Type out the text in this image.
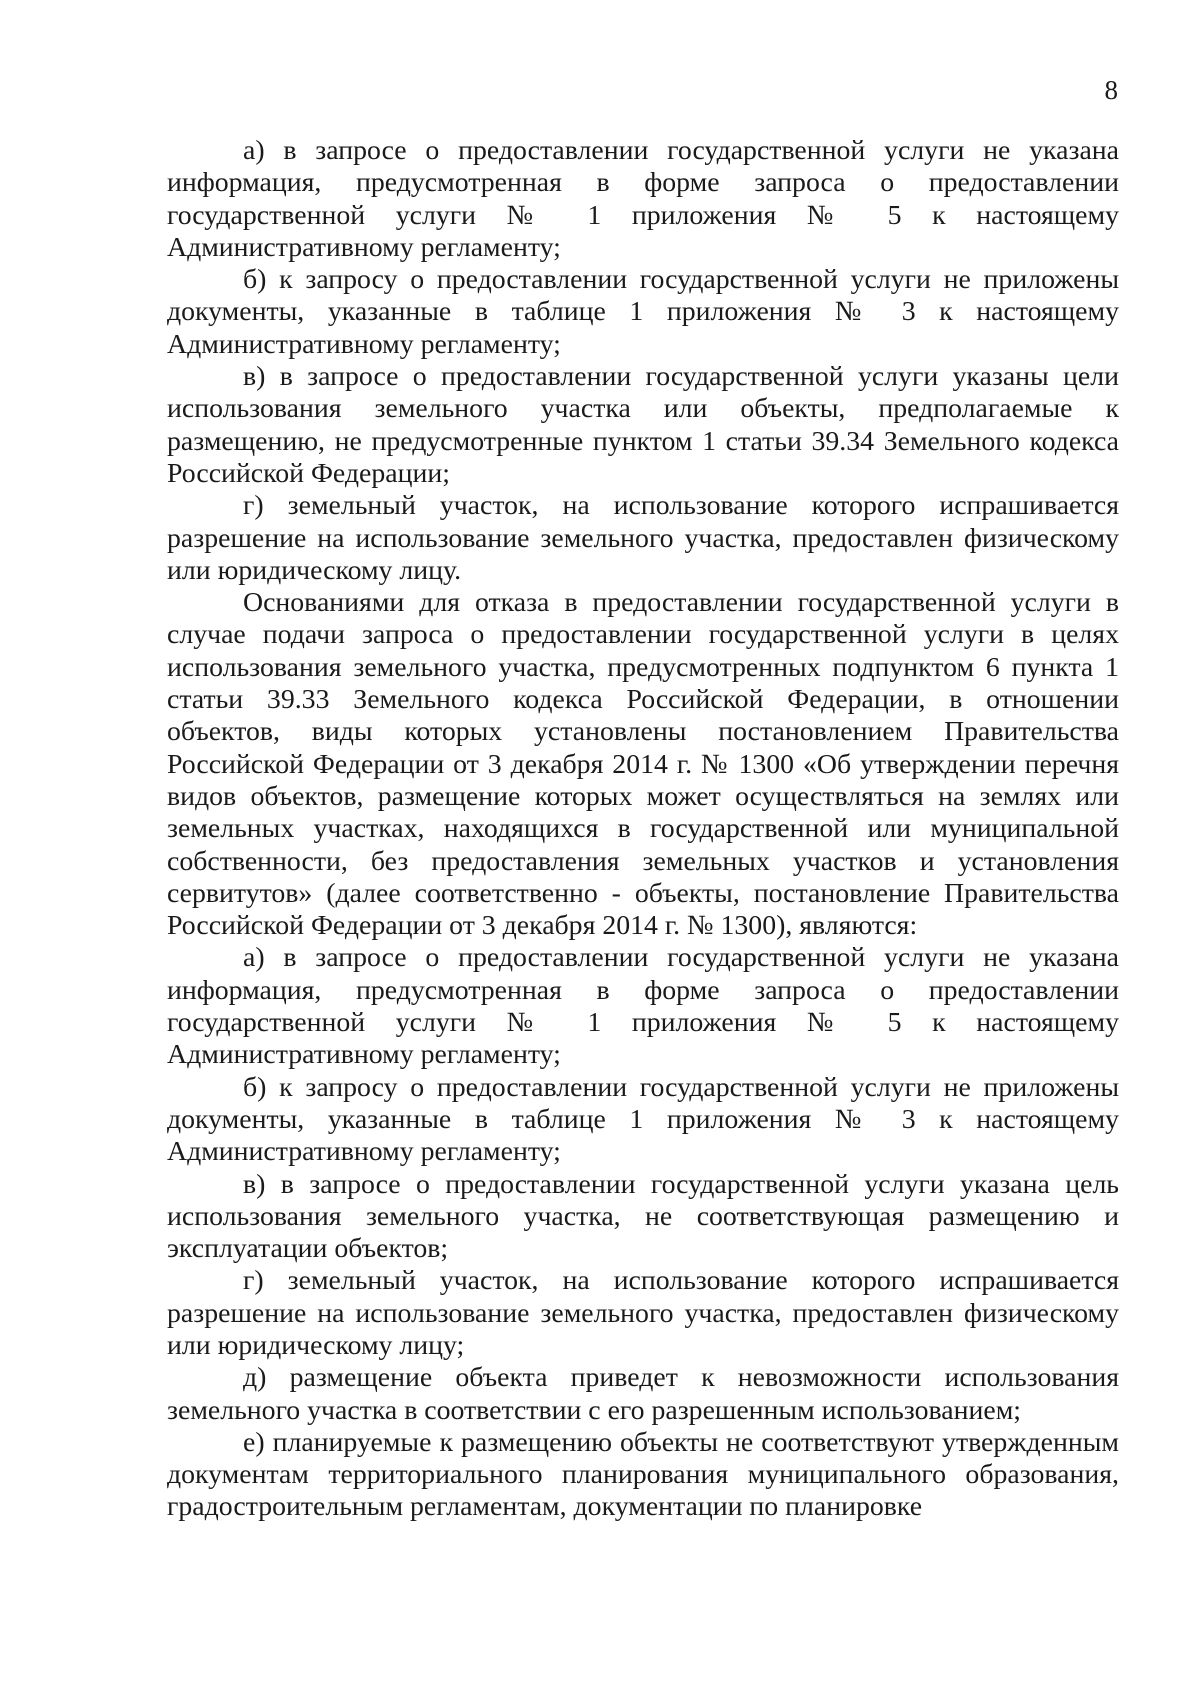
8

а) в запросе о предоставлении государственной услуги не указана информация, предусмотренная в форме запроса о предоставлении государственной услуги № 1 приложения № 5 к настоящему Административному регламенту;

б) к запросу о предоставлении государственной услуги не приложены документы, указанные в таблице 1 приложения № 3 к настоящему Административному регламенту;

в) в запросе о предоставлении государственной услуги указаны цели использования земельного участка или объекты, предполагаемые к размещению, не предусмотренные пунктом 1 статьи 39.34 Земельного кодекса Российской Федерации;

г) земельный участок, на использование которого испрашивается разрешение на использование земельного участка, предоставлен физическому или юридическому лицу.

Основаниями для отказа в предоставлении государственной услуги в случае подачи запроса о предоставлении государственной услуги в целях использования земельного участка, предусмотренных подпунктом 6 пункта 1 статьи 39.33 Земельного кодекса Российской Федерации, в отношении объектов, виды которых установлены постановлением Правительства Российской Федерации от 3 декабря 2014 г. № 1300 «Об утверждении перечня видов объектов, размещение которых может осуществляться на землях или земельных участках, находящихся в государственной или муниципальной собственности, без предоставления земельных участков и установления сервитутов» (далее соответственно - объекты, постановление Правительства Российской Федерации от 3 декабря 2014 г. № 1300), являются:

а) в запросе о предоставлении государственной услуги не указана информация, предусмотренная в форме запроса о предоставлении государственной услуги № 1 приложения № 5 к настоящему Административному регламенту;

б) к запросу о предоставлении государственной услуги не приложены документы, указанные в таблице 1 приложения № 3 к настоящему Административному регламенту;

в) в запросе о предоставлении государственной услуги указана цель использования земельного участка, не соответствующая размещению и эксплуатации объектов;

г) земельный участок, на использование которого испрашивается разрешение на использование земельного участка, предоставлен физическому или юридическому лицу;

д) размещение объекта приведет к невозможности использования земельного участка в соответствии с его разрешенным использованием;

е) планируемые к размещению объекты не соответствуют утвержденным документам территориального планирования муниципального образования, градостроительным регламентам, документации по планировке
